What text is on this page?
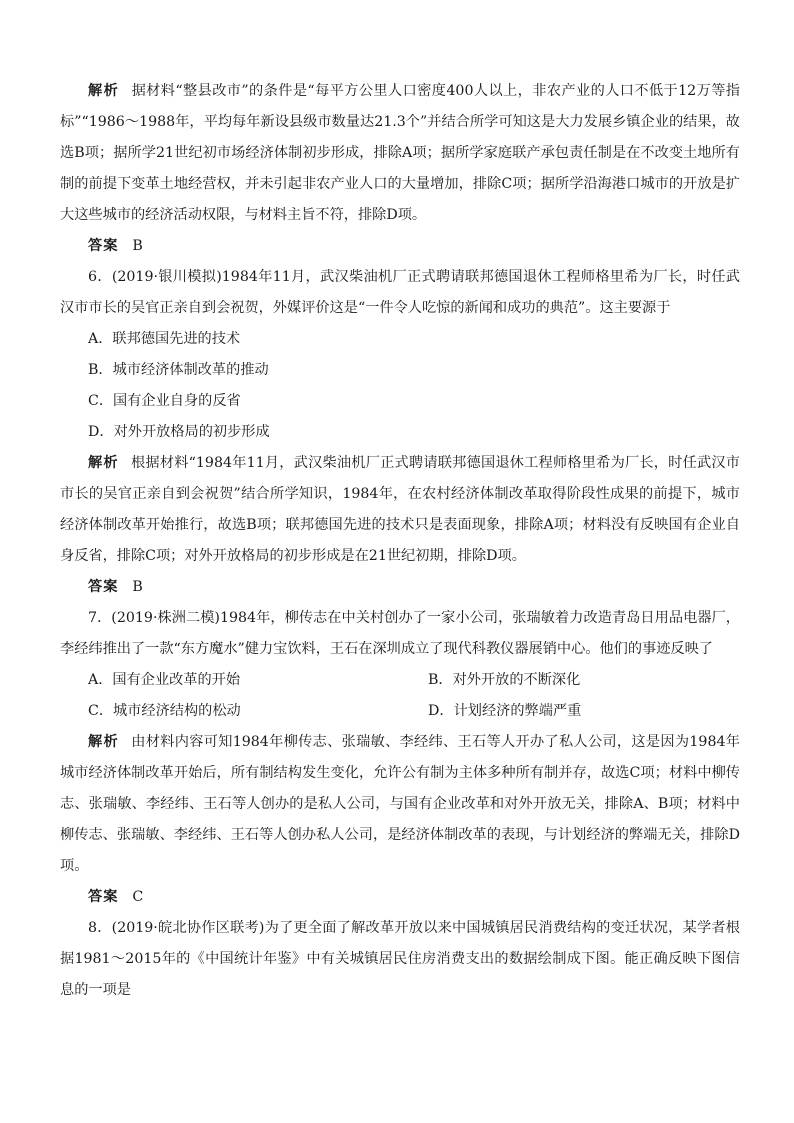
解析 据材料“整县改市”的条件是“每平方公里人口密度400人以上，非农产业的人口不低于12万等指标”“1986～1988年，平均每年新设县级市数量达21.3个”并结合所学可知这是大力发展乡镇企业的结果，故选B项；据所学21世纪初市场经济体制初步形成，排除A项；据所学家庭联产承包责任制是在不改变土地所有制的前提下变革土地经营权，并未引起非农产业人口的大量增加，排除C项；据所学沿海港口城市的开放是扩大这些城市的经济活动权限，与材料主旨不符，排除D项。

答案 B

6．(2019·银川模拟)1984年11月，武汉柴油机厂正式聘请联邦德国退休工程师格里希为厂长，时任武汉市市长的吴官正亲自到会祝贺，外媒评价这是“一件令人吃惊的新闻和成功的典范”。这主要源于

A．联邦德国先进的技术
B．城市经济体制改革的推动
C．国有企业自身的反省
D．对外开放格局的初步形成

解析 根据材料“1984年11月，武汉柴油机厂正式聘请联邦德国退休工程师格里希为厂长，时任武汉市市长的吴官正亲自到会祝贺”结合所学知识，1984年，在农村经济体制改革取得阶段性成果的前提下，城市经济体制改革开始推行，故选B项；联邦德国先进的技术只是表面现象，排除A项；材料没有反映国有企业自身反省，排除C项；对外开放格局的初步形成是在21世纪初期，排除D项。

答案 B

7．(2019·株洲二模)1984年，柳传志在中关村创办了一家小公司，张瑞敏着力改造青岛日用品电器厂，李经纬推出了一款“东方魔水”健力宝饮料，王石在深圳成立了现代科教仪器展销中心。他们的事迹反映了

A．国有企业改革的开始	B．对外开放的不断深化
C．城市经济结构的松动	D．计划经济的弊端严重

解析 由材料内容可知1984年柳传志、张瑞敏、李经纬、王石等人开办了私人公司，这是因为1984年城市经济体制改革开始后，所有制结构发生变化，允许公有制为主体多种所有制并存，故选C项；材料中柳传志、张瑞敏、李经纬、王石等人创办的是私人公司，与国有企业改革和对外开放无关，排除A、B项；材料中柳传志、张瑞敏、李经纬、王石等人创办私人公司，是经济体制改革的表现，与计划经济的弊端无关，排除D项。

答案 C

8．(2019·皖北协作区联考)为了更全面了解改革开放以来中国城镇居民消费结构的变迁状况，某学者根据1981～2015年的《中国统计年鉴》中有关城镇居民住房消费支出的数据绘制成下图。能正确反映下图信息的一项是
